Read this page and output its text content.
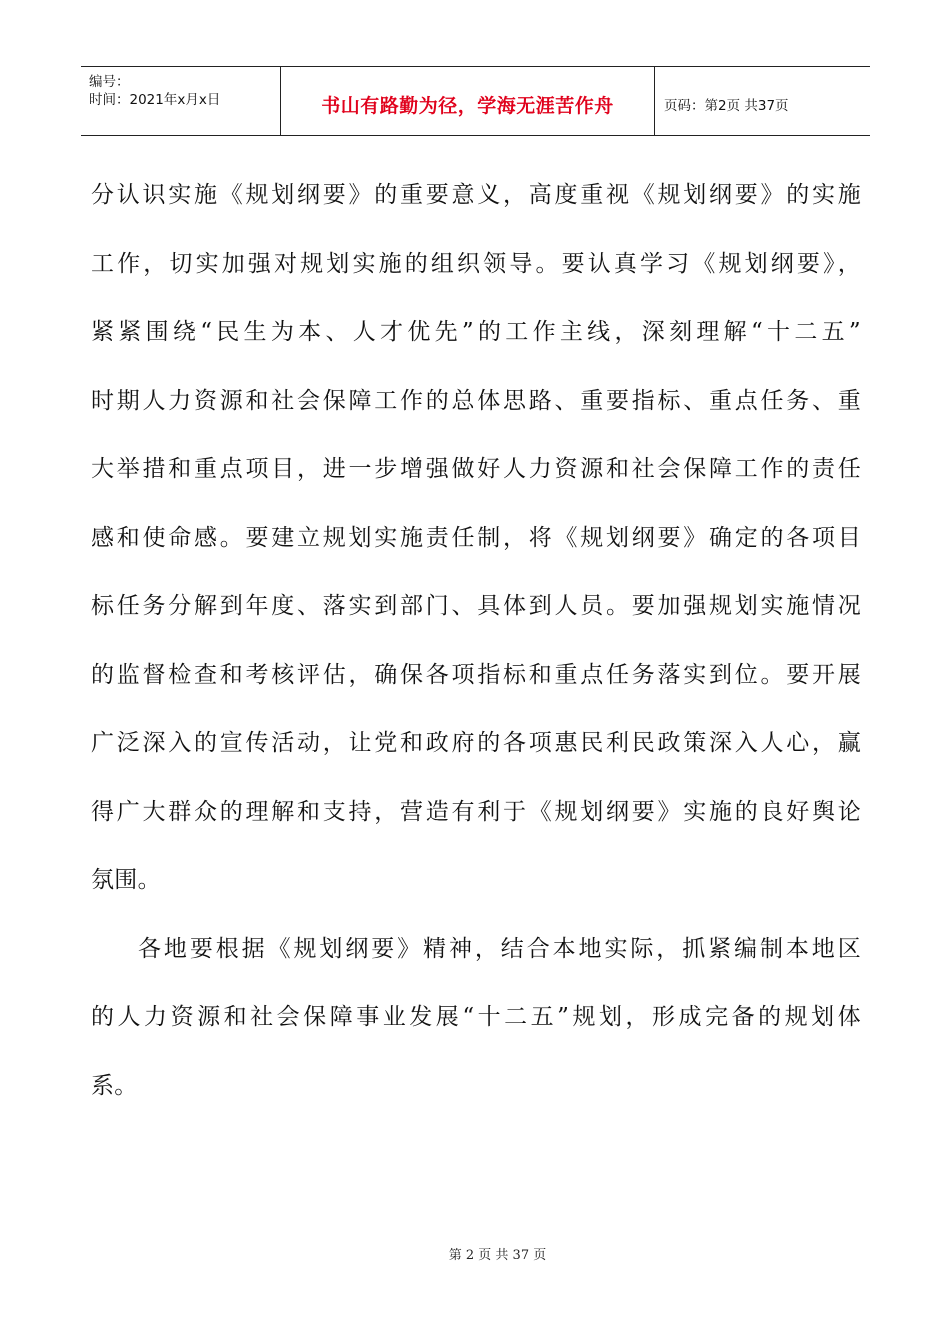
编号：
时间：2021年x月x日	书山有路勤为径，学海无涯苦作舟	页码：第2页 共37页
分认识实施《规划纲要》的重要意义，高度重视《规划纲要》的实施
工作，切实加强对规划实施的组织领导。要认真学习《规划纲要》，
紧紧围绕“民生为本、人才优先”的工作主线，深刻理解“十二五”
时期人力资源和社会保障工作的总体思路、重要指标、重点任务、重
大举措和重点项目，进一步增强做好人力资源和社会保障工作的责任
感和使命感。要建立规划实施责任制，将《规划纲要》确定的各项目
标任务分解到年度、落实到部门、具体到人员。要加强规划实施情况
的监督检查和考核评估，确保各项指标和重点任务落实到位。要开展
广泛深入的宣传活动，让党和政府的各项惠民利民政策深入人心，赢
得广大群众的理解和支持，营造有利于《规划纲要》实施的良好舆论
氛围。
各地要根据《规划纲要》精神，结合本地实际，抓紧编制本地区
的人力资源和社会保障事业发展“十二五”规划，形成完备的规划体
系。
第 2 页 共 37 页
